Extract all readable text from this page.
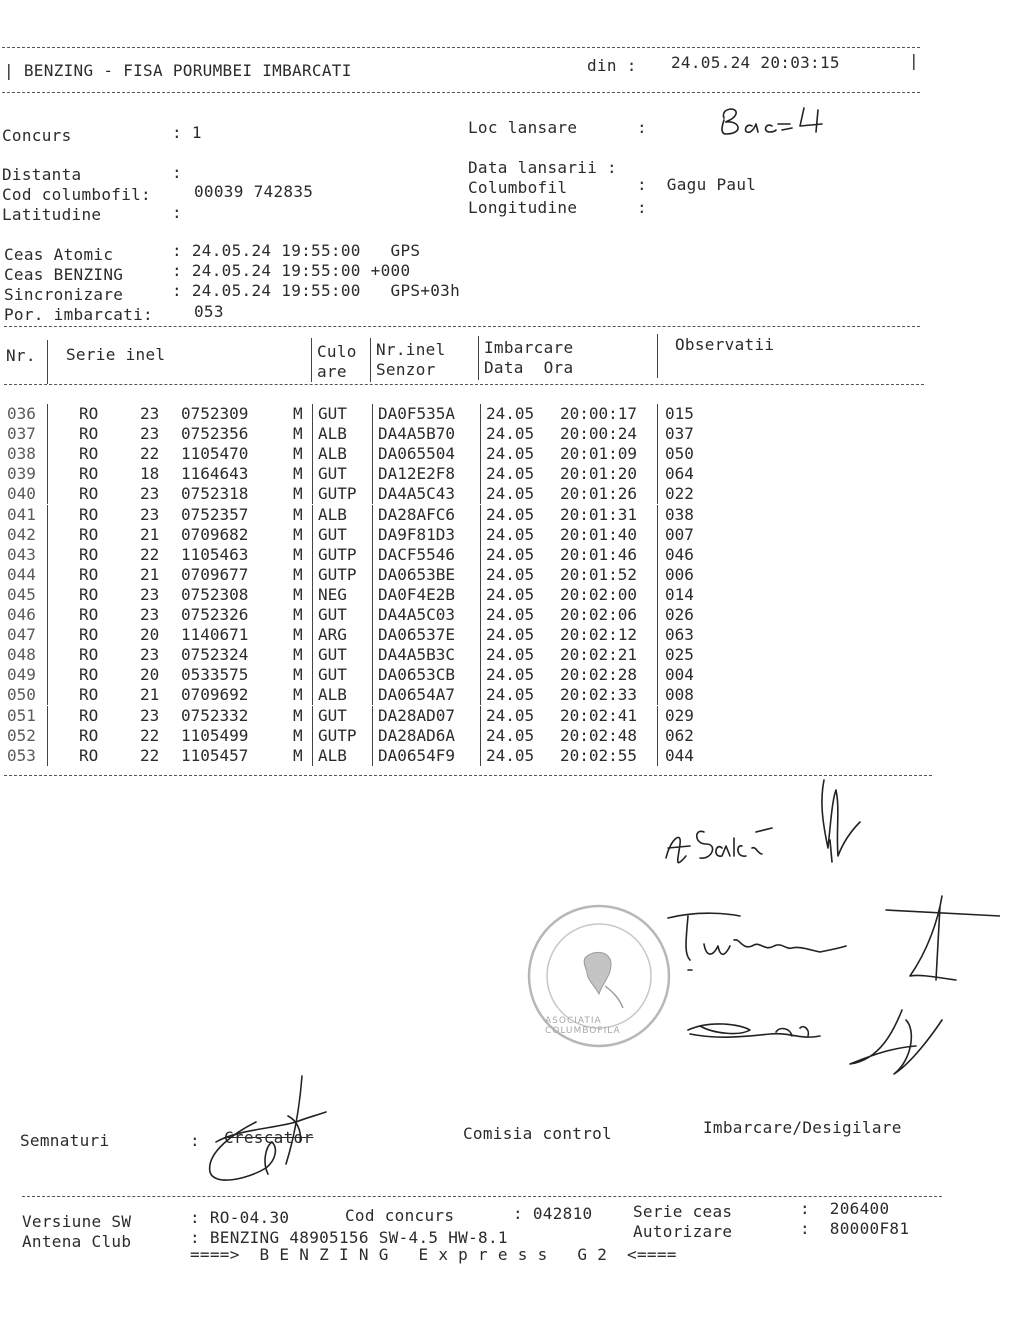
| BENZING - FISA PORUMBEI IMBARCATI	din : 24.05.24 20:03:15	|
Concurs	: 1	Loc lansare	:
Distanta	:
Cod columbofil:	00039 742835
Latitudine	:
Data lansarii :
Columbofil	:  Gagu Paul
Longitudine	:
Ceas Atomic	: 24.05.24 19:55:00   GPS
Ceas BENZING	: 24.05.24 19:55:00 +000
Sincronizare	: 24.05.24 19:55:00   GPS+03h
Por. imbarcati:	053
Nr. Serie inel	Culo
are
Nr.inel
Senzor
Imbarcare
Data  Ora
Observatii
036	RO	23 0752309	M GUT DA0F535A 24.05 20:00:17 015
037	RO	23 0752356	M ALB DA4A5B70 24.05 20:00:24 037
038	RO	22 1105470	M ALB DA065504 24.05 20:01:09 050
039	RO	18 1164643	M GUT DA12E2F8 24.05 20:01:20 064
040	RO	23 0752318	M GUTP DA4A5C43 24.05 20:01:26 022
041	RO	23 0752357	M ALB DA28AFC6 24.05 20:01:31 038
042	RO	21 0709682	M GUT DA9F81D3 24.05 20:01:40 007
043	RO	22 1105463	M GUTP DACF5546 24.05 20:01:46 046
044	RO	21 0709677	M GUTP DA0653BE 24.05 20:01:52 006
045	RO	23 0752308	M NEG DA0F4E2B 24.05 20:02:00 014
046	RO	23 0752326	M GUT DA4A5C03 24.05 20:02:06 026
047	RO	20 1140671	M ARG DA06537E 24.05 20:02:12 063
048	RO	23 0752324	M GUT DA4A5B3C 24.05 20:02:21 025
049	RO	20 0533575	M GUT DA0653CB 24.05 20:02:28 004
050	RO	21 0709692	M ALB DA0654A7 24.05 20:02:33 008
051	RO	23 0752332	M GUT DA28AD07 24.05 20:02:41 029
052	RO	22 1105499	M GUTP DA28AD6A 24.05 20:02:48 062
053	RO	22 1105457	M ALB DA0654F9 24.05 20:02:55 044
ASOCIATIA COLUMBOFILA
Semnaturi	: Crescator	Comisia control	Imbarcare/Desigilare
Versiune SW	: RO-04.30	Cod concurs	: 042810	Serie ceas	:  206400
Antena Club	: BENZING 48905156 SW-4.5 HW-8.1	Autorizare	:  80000F81
====>  B E N Z I N G   E x p r e s s   G 2  <====
